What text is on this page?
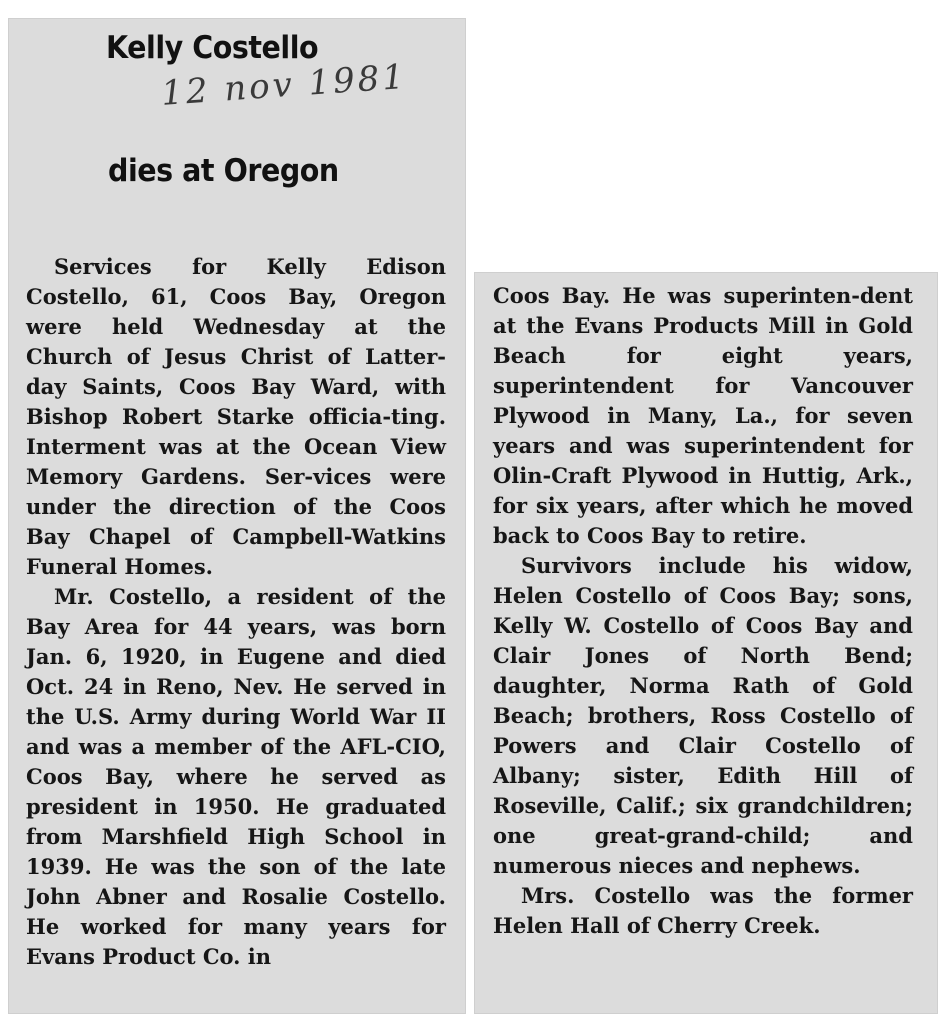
Kelly Costello
12 nov 1981
dies at Oregon

Services for Kelly Edison Costello, 61, Coos Bay, Oregon were held Wednesday at the Church of Jesus Christ of Latter-day Saints, Coos Bay Ward, with Bishop Robert Starke officia-ting. Interment was at the Ocean View Memory Gardens. Ser-vices were under the direction of the Coos Bay Chapel of Campbell-Watkins Funeral Homes.

Mr. Costello, a resident of the Bay Area for 44 years, was born Jan. 6, 1920, in Eugene and died Oct. 24 in Reno, Nev. He served in the U.S. Army during World War II and was a member of the AFL-CIO, Coos Bay, where he served as president in 1950. He graduated from Marshfield High School in 1939. He was the son of the late John Abner and Rosalie Costello. He worked for many years for Evans Product Co. in

Coos Bay. He was superinten-dent at the Evans Products Mill in Gold Beach for eight years, superintendent for Vancouver Plywood in Many, La., for seven years and was superintendent for Olin-Craft Plywood in Huttig, Ark., for six years, after which he moved back to Coos Bay to retire.

Survivors include his widow, Helen Costello of Coos Bay; sons, Kelly W. Costello of Coos Bay and Clair Jones of North Bend; daughter, Norma Rath of Gold Beach; brothers, Ross Costello of Powers and Clair Costello of Albany; sister, Edith Hill of Roseville, Calif.; six grandchildren; one great-grand-child; and numerous nieces and nephews.

Mrs. Costello was the former Helen Hall of Cherry Creek.
